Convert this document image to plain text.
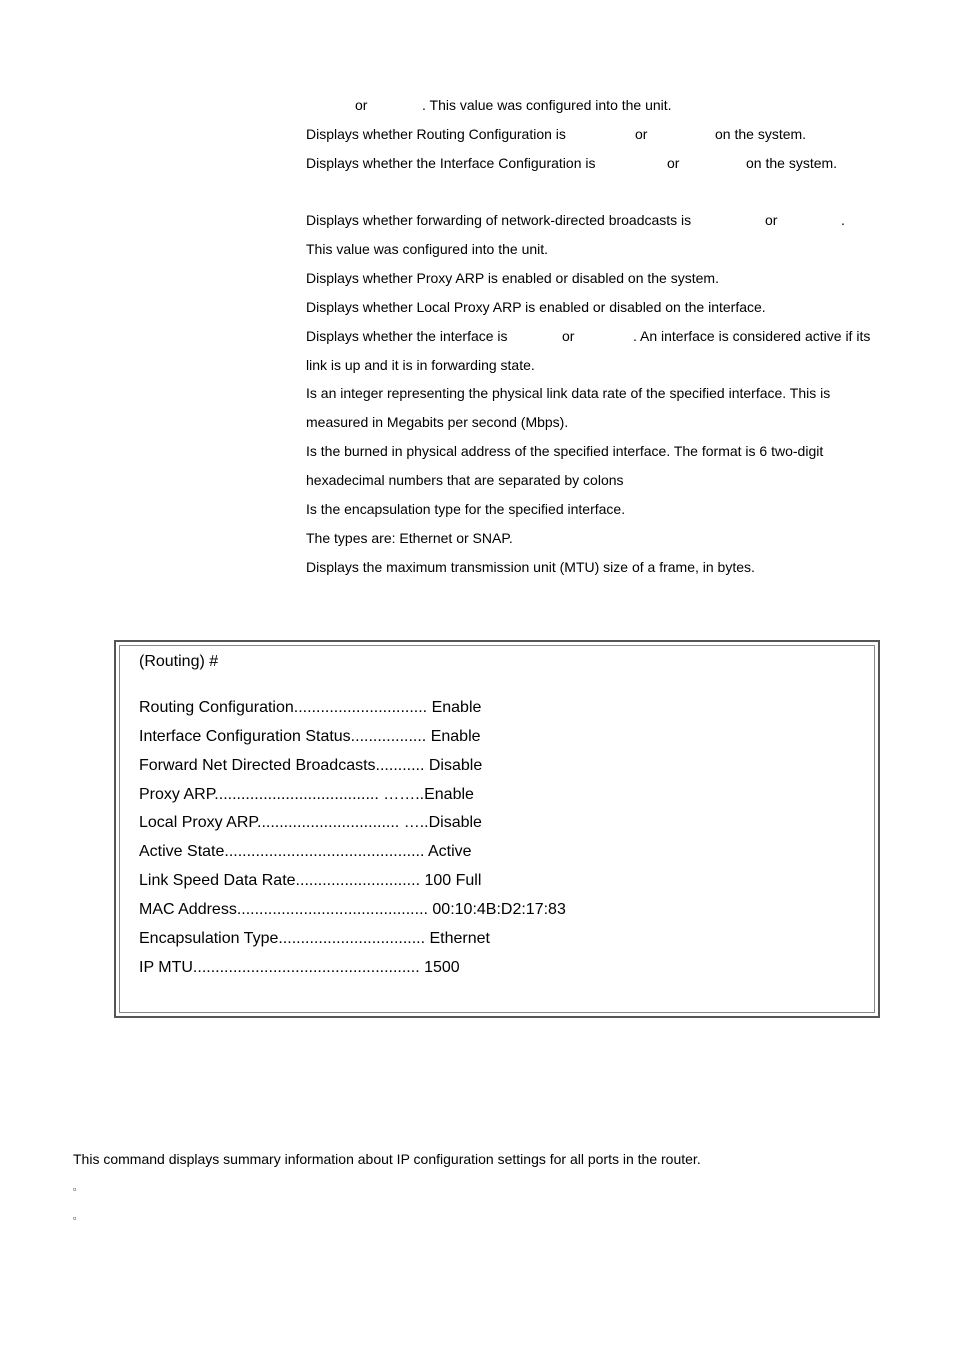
or	. This value was configured into the unit.
Displays whether Routing Configuration is	or	on the system.
Displays whether the Interface Configuration is	or	on the system.
Displays whether forwarding of network-directed broadcasts is	or	.
This value was configured into the unit.
Displays whether Proxy ARP is enabled or disabled on the system.
Displays whether Local Proxy ARP is enabled or disabled on the interface.
Displays whether the interface is	or	. An interface is considered active if its
link is up and it is in forwarding state.
Is an integer representing the physical link data rate of the specified interface. This is
measured in Megabits per second (Mbps).
Is the burned in physical address of the specified interface. The format is 6 two-digit
hexadecimal numbers that are separated by colons
Is the encapsulation type for the specified interface.
The types are: Ethernet or SNAP.
Displays the maximum transmission unit (MTU) size of a frame, in bytes.
(Routing) #
Routing Configuration.............................. Enable
Interface Configuration Status................. Enable
Forward Net Directed Broadcasts........... Disable
Proxy ARP..................................... ……..Enable
Local Proxy ARP................................ …..Disable
Active State............................................. Active
Link Speed Data Rate............................ 100 Full
MAC Address........................................... 00:10:4B:D2:17:83
Encapsulation Type................................. Ethernet
IP MTU................................................... 1500
This command displays summary information about IP configuration settings for all ports in the router.
▫
▫
